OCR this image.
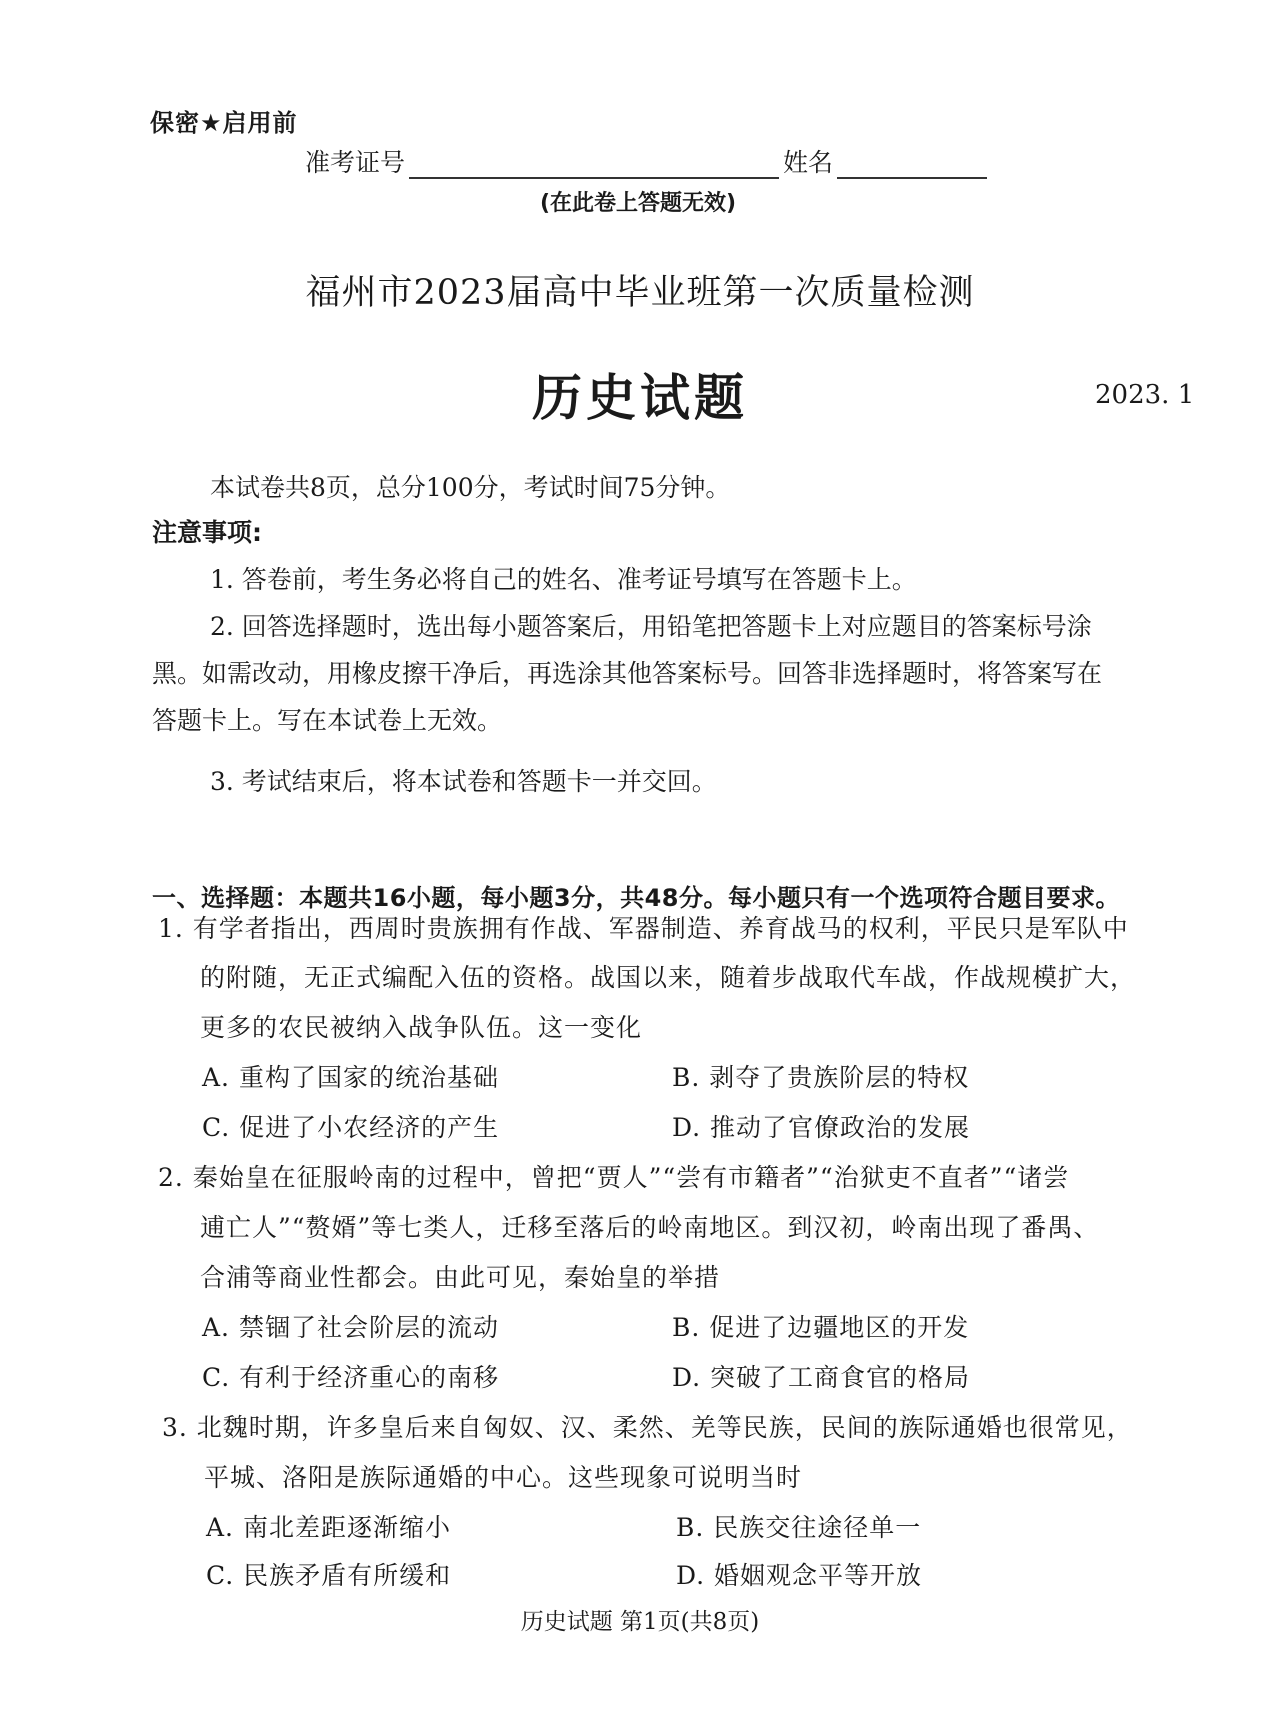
保密★启用前
准考证号	姓名
(在此卷上答题无效)
福州市2023届高中毕业班第一次质量检测
历史试题	2023. 1
本试卷共8页，总分100分，考试时间75分钟。
注意事项:
1. 答卷前，考生务必将自己的姓名、准考证号填写在答题卡上。
2. 回答选择题时，选出每小题答案后，用铅笔把答题卡上对应题目的答案标号涂
黑。如需改动，用橡皮擦干净后，再选涂其他答案标号。回答非选择题时，将答案写在
答题卡上。写在本试卷上无效。
3. 考试结束后，将本试卷和答题卡一并交回。
一、选择题：本题共16小题，每小题3分，共48分。每小题只有一个选项符合题目要求。
1. 有学者指出，西周时贵族拥有作战、军器制造、养育战马的权利，平民只是军队中
的附随，无正式编配入伍的资格。战国以来，随着步战取代车战，作战规模扩大，
更多的农民被纳入战争队伍。这一变化
A. 重构了国家的统治基础	B. 剥夺了贵族阶层的特权
C. 促进了小农经济的产生	D. 推动了官僚政治的发展
2. 秦始皇在征服岭南的过程中，曾把“贾人”“尝有市籍者”“治狱吏不直者”“诸尝
逋亡人”“赘婿”等七类人，迁移至落后的岭南地区。到汉初，岭南出现了番禺、
合浦等商业性都会。由此可见，秦始皇的举措
A. 禁锢了社会阶层的流动	B. 促进了边疆地区的开发
C. 有利于经济重心的南移	D. 突破了工商食官的格局
3. 北魏时期，许多皇后来自匈奴、汉、柔然、羌等民族，民间的族际通婚也很常见，
平城、洛阳是族际通婚的中心。这些现象可说明当时
A. 南北差距逐渐缩小	B. 民族交往途径单一
C. 民族矛盾有所缓和	D. 婚姻观念平等开放
历史试题 第1页(共8页)
